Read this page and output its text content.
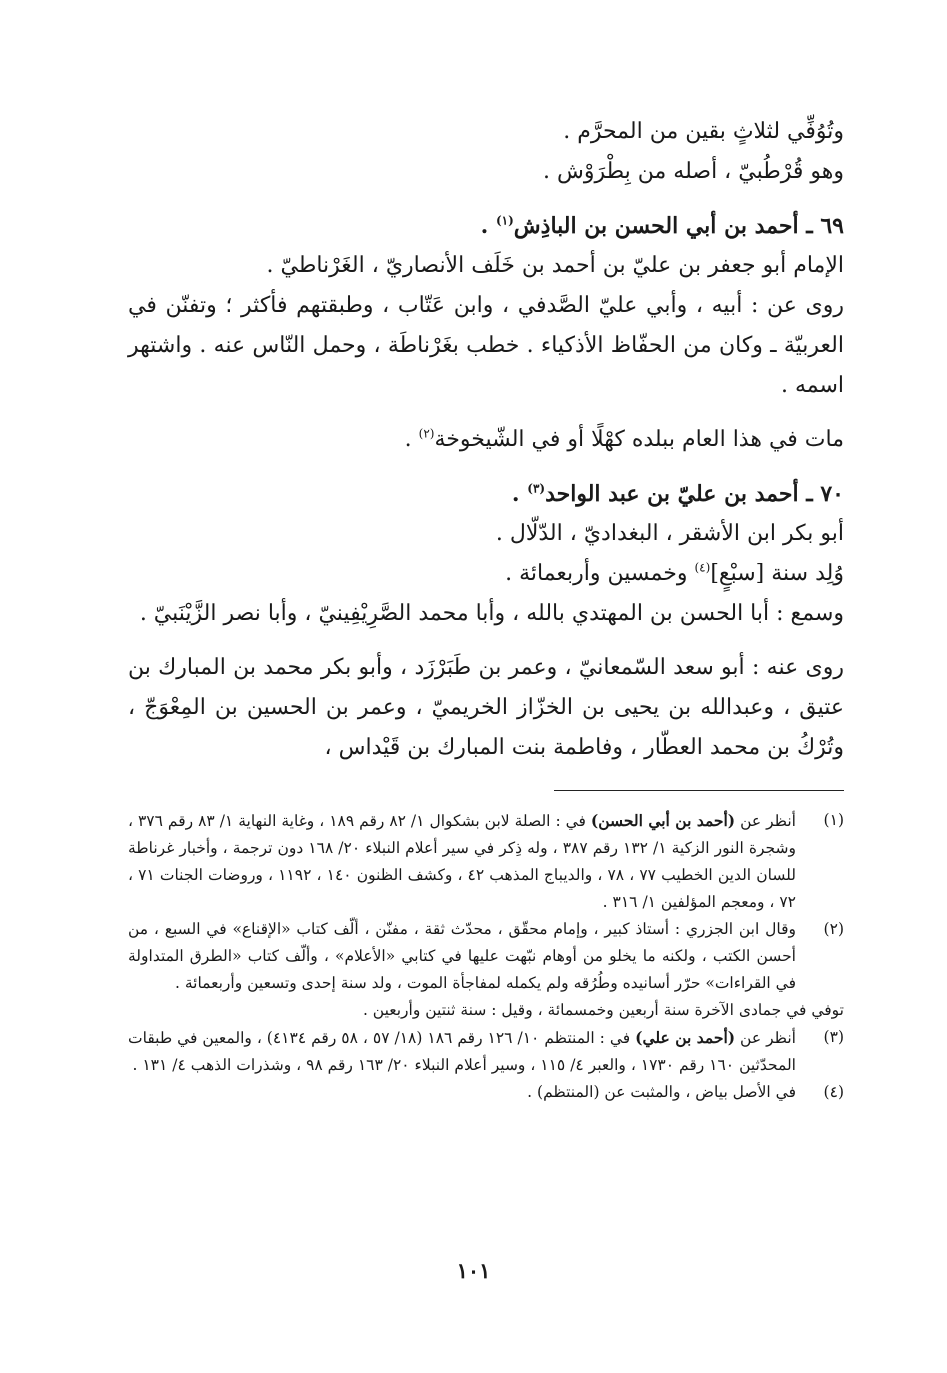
وتُوُفِّي لثلاثٍ بقين من المحرَّم .

وهو قُرْطُبيّ ، أصله من بِطْرَوْش .

٦٩ ـ أحمد بن أبي الحسن بن الباذِش$^{(١)}$ .

الإمام أبو جعفر بن عليّ بن أحمد بن خَلَف الأنصاريّ ، الغَرْناطيّ .

روى عن : أبيه ، وأبي عليّ الصَّدفي ، وابن عَتّاب ، وطبقتهم فأكثر ؛ وتفنّن في العربيّة ـ وكان من الحفّاظ الأذكياء . خطب بغَرْناطَة ، وحمل النّاس عنه . واشتهر اسمه .

مات في هذا العام ببلده كهْلًا أو في الشّيخوخة$^{(٢)}$ .

٧٠ ـ أحمد بن عليّ بن عبد الواحد$^{(٣)}$ .

أبو بكر ابن الأشقر ، البغداديّ ، الدّلّال .

وُلِد سنة [سبْعٍ]$^{(٤)}$ وخمسين وأربعمائة .

وسمع : أبا الحسن بن المهتدي بالله ، وأبا محمد الصَّرِيْفِينيّ ، وأبا نصر الزَّيْنَبيّ .

روى عنه : أبو سعد السّمعانيّ ، وعمر بن طَبَرْزَد ، وأبو بكر محمد بن المبارك بن عتيق ، وعبدالله بن يحيى بن الخزّاز الخريميّ ، وعمر بن الحسين بن المِعْوَجّ ، وتُرْكُ بن محمد العطّار ، وفاطمة بنت المبارك بن قَيْداس ،

(١)
أنظر عن (أحمد بن أبي الحسن) في : الصلة لابن بشكوال ١/ ٨٢ رقم ١٨٩ ، وغاية النهاية ١/ ٨٣ رقم ٣٧٦ ، وشجرة النور الزكية ١/ ١٣٢ رقم ٣٨٧ ، وله ذِكر في سير أعلام النبلاء ٢٠/ ١٦٨ دون ترجمة ، وأخبار غرناطة للسان الدين الخطيب ٧٧ ، ٧٨ ، والديباج المذهب ٤٢ ، وكشف الظنون ١٤٠ ، ١١٩٢ ، وروضات الجنات ٧١ ، ٧٢ ، ومعجم المؤلفين ١/ ٣١٦ .
(٢)
وقال ابن الجزري : أستاذ كبير ، وإمام محقّق ، محدّث ثقة ، مفنّن ، ألّف كتاب «الإقناع» في السبع ، من أحسن الكتب ، ولكنه ما يخلو من أوهام نبّهت عليها في كتابي «الأعلام» ، وألّف كتاب «الطرق المتداولة في القراءات» حرّر أسانيده وطُرُقه ولم يكمله لمفاجأة الموت ، ولد سنة إحدى وتسعين وأربعمائة .
توفي في جمادى الآخرة سنة أربعين وخمسمائة ، وقيل : سنة ثنتين وأربعين .
(٣)
أنظر عن (أحمد بن علي) في : المنتظم ١٠/ ١٢٦ رقم ١٨٦ (١٨/ ٥٧ ، ٥٨ رقم ٤١٣٤) ، والمعين في طبقات المحدّثين ١٦٠ رقم ١٧٣٠ ، والعبر ٤/ ١١٥ ، وسير أعلام النبلاء ٢٠/ ١٦٣ رقم ٩٨ ، وشذرات الذهب ٤/ ١٣١ .
(٤)
في الأصل بياض ، والمثبت عن (المنتظم) .
١٠١
